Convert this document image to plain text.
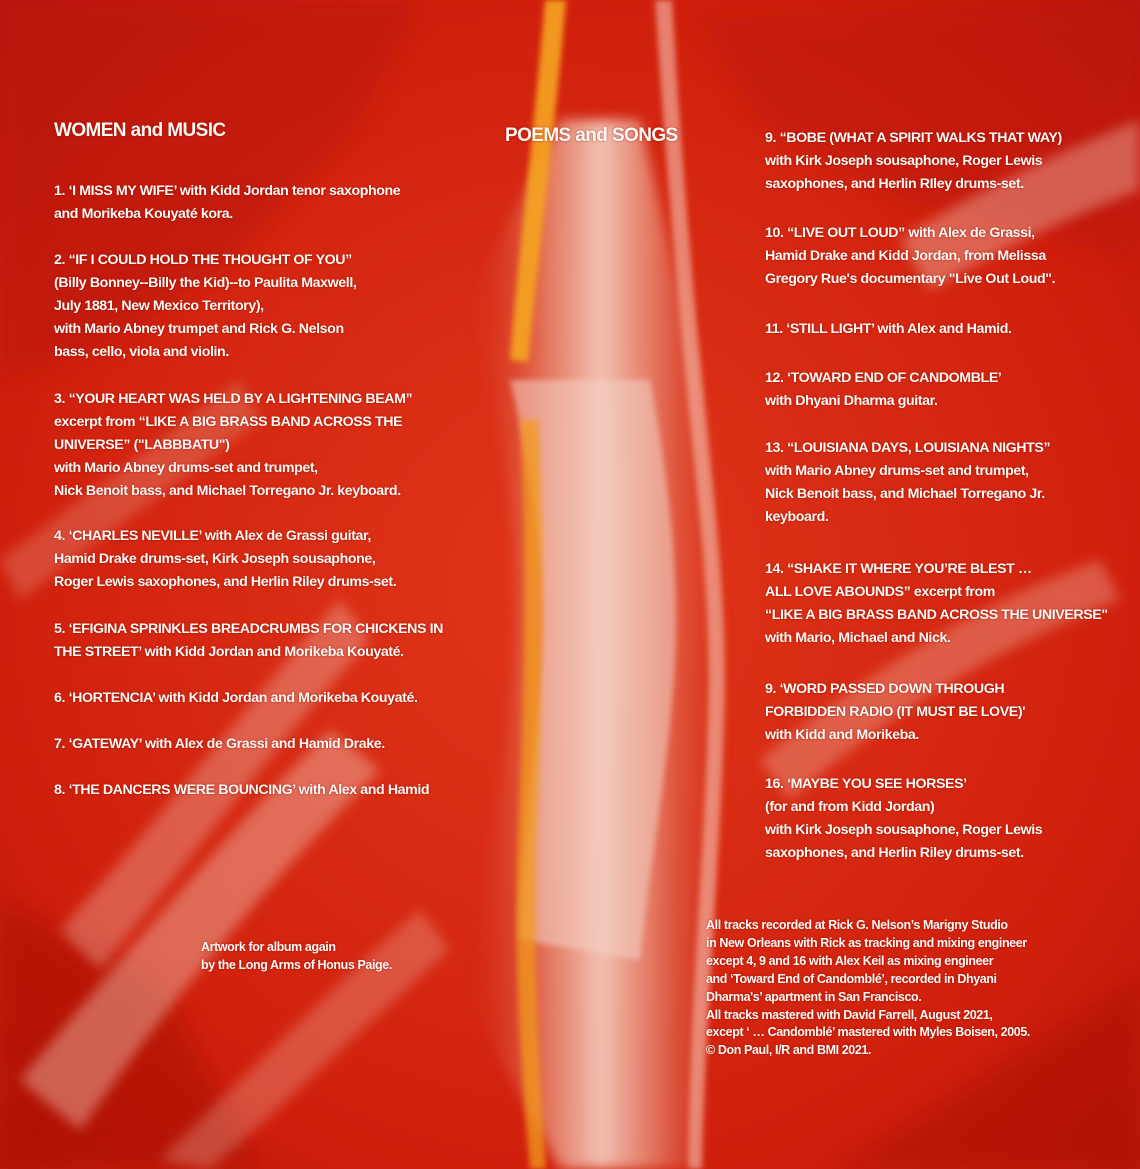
WOMEN and MUSIC

1. ‘I MISS MY WIFE’ with Kidd Jordan tenor saxophone
and Morikeba Kouyaté kora.

2. “IF I COULD HOLD THE THOUGHT OF YOU”
(Billy Bonney--Billy the Kid)--to Paulita Maxwell,
July 1881, New Mexico Territory),
with Mario Abney trumpet and Rick G. Nelson
bass, cello, viola and violin.

3. “YOUR HEART WAS HELD BY A LIGHTENING BEAM”
excerpt from “LIKE A BIG BRASS BAND ACROSS THE
UNIVERSE” ("LABBBATU")
with Mario Abney drums-set and trumpet,
Nick Benoit bass, and Michael Torregano Jr. keyboard.

4. ‘CHARLES NEVILLE’ with Alex de Grassi guitar,
Hamid Drake drums-set, Kirk Joseph sousaphone,
Roger Lewis saxophones, and Herlin Riley drums-set.

5. ‘EFIGINA SPRINKLES BREADCRUMBS FOR CHICKENS IN
THE STREET’ with Kidd Jordan and Morikeba Kouyaté.

6. ‘HORTENCIA’ with Kidd Jordan and Morikeba Kouyaté.

7. ‘GATEWAY’ with Alex de Grassi and Hamid Drake.

8. ‘THE DANCERS WERE BOUNCING’ with Alex and Hamid

Artwork for album again
by the Long Arms of Honus Paige.

POEMS and SONGS	9. “BOBE (WHAT A SPIRIT WALKS THAT WAY)
with Kirk Joseph sousaphone, Roger Lewis
saxophones, and Herlin RIley drums-set.

10. “LIVE OUT LOUD” with Alex de Grassi,
Hamid Drake and Kidd Jordan, from Melissa
Gregory Rue's documentary "Live Out Loud".

11. ‘STILL LIGHT’ with Alex and Hamid.

12. ‘TOWARD END OF CANDOMBLE’
with Dhyani Dharma guitar.

13. “LOUISIANA DAYS, LOUISIANA NIGHTS”
with Mario Abney drums-set and trumpet,
Nick Benoit bass, and Michael Torregano Jr.
keyboard.

14. “SHAKE IT WHERE YOU’RE BLEST …
ALL LOVE ABOUNDS” excerpt from
“LIKE A BIG BRASS BAND ACROSS THE UNIVERSE"
with Mario, Michael and Nick.

9. ‘WORD PASSED DOWN THROUGH
FORBIDDEN RADIO (IT MUST BE LOVE)'
with Kidd and Morikeba.

16. ‘MAYBE YOU SEE HORSES’
(for and from Kidd Jordan)
with Kirk Joseph sousaphone, Roger Lewis
saxophones, and Herlin Riley drums-set.

All tracks recorded at Rick G. Nelson’s Marigny Studio
in New Orleans with Rick as tracking and mixing engineer
except 4, 9 and 16 with Alex Keil as mixing engineer
and ‘Toward End of Candomblé’, recorded in Dhyani
Dharma's’ apartment in San Francisco.
All tracks mastered with David Farrell, August 2021,
except ‘ … Candomblé’ mastered with Myles Boisen, 2005.
© Don Paul, I/R and BMI 2021.
